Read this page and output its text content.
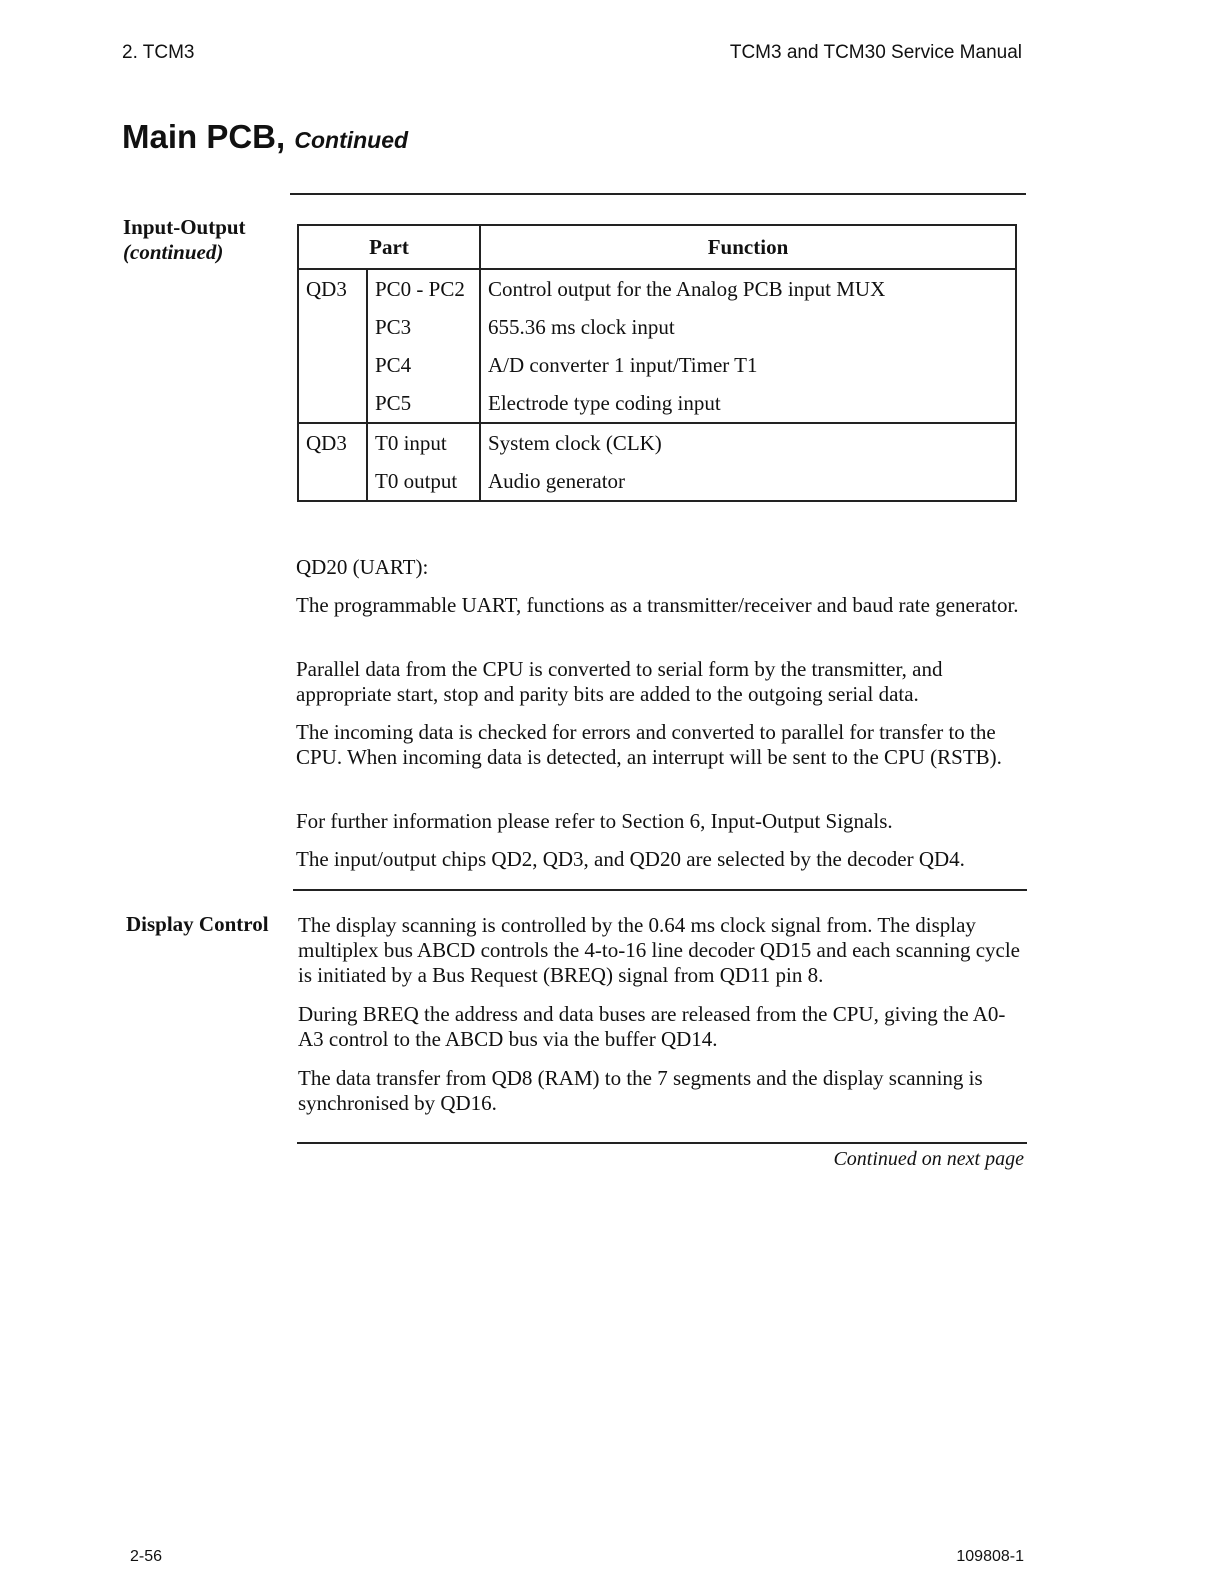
2. TCM3	TCM3 and TCM30 Service Manual
Main PCB, Continued
Input-Output
(continued)	Part		Function
QD3	PC0 - PC2	Control output for the Analog PCB input MUX
	PC3	655.36 ms clock input
	PC4	A/D converter 1 input/Timer T1
	PC5	Electrode type coding input
QD3	T0 input	System clock (CLK)
	T0 output	Audio generator
QD20 (UART):
The programmable UART, functions as a transmitter/receiver and baud rate generator.
Parallel data from the CPU is converted to serial form by the transmitter, and appropriate start, stop and parity bits are added to the outgoing serial data.
The incoming data is checked for errors and converted to parallel for transfer to the CPU. When incoming data is detected, an interrupt will be sent to the CPU (RSTB).
For further information please refer to Section 6, Input-Output Signals.
The input/output chips QD2, QD3, and QD20 are selected by the decoder QD4.
Display Control The display scanning is controlled by the 0.64 ms clock signal from. The display multiplex bus ABCD controls the 4-to-16 line decoder QD15 and each scanning cycle is initiated by a Bus Request (BREQ) signal from QD11 pin 8.
During BREQ the address and data buses are released from the CPU, giving the A0-A3 control to the ABCD bus via the buffer QD14.
The data transfer from QD8 (RAM) to the 7 segments and the display scanning is synchronised by QD16.
Continued on next page
2-56	109808-1
